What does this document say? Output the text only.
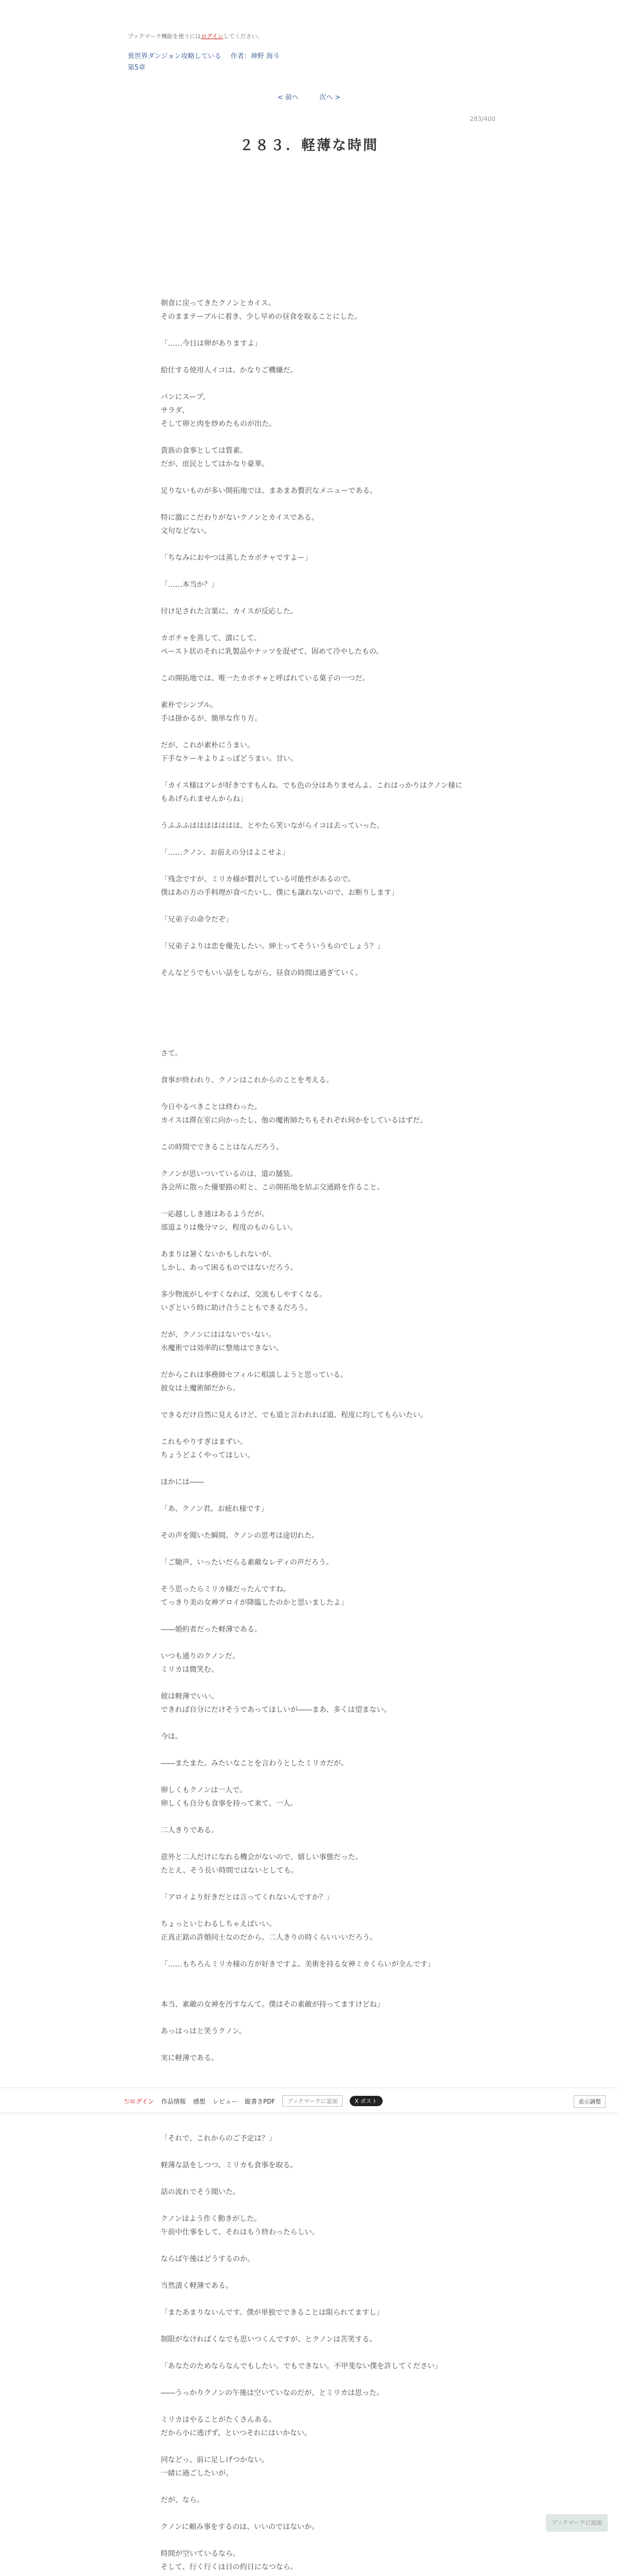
ブックマーク機能を使うにはログインしてください。
異世界ダンジョン攻略している 作者：神野 海斗
第5章
< 前へ	次へ >
283/400
２８３．軽薄な時間

朝食に戻ってきたクノンとカイス。

そのままテーブルに着き、少し早めの昼食を取ることにした。

「……今日は卵がありますよ」

給仕する使用人イコは、かなりご機嫌だ。

パンにスープ、

サラダ、

そして卵と肉を炒めたものが出た。

貴族の食事としては質素。

だが、庶民としてはかなり豪華。

足りないものが多い開拓地では、まあまあ贅沢なメニューである。

特に激にこだわりがないクノンとカイスである。

文句などない。

「ちなみにおやつは蒸したカボチャですよー」

「……本当か？」

付け足された言葉に、カイスが反応した。

カボチャを蒸して、潰にして。

ペースト状のそれに乳製品やナッツを混ぜて、固めて冷やしたもの。

この開拓地では、唯一たカボチャと呼ばれている菓子の一つだ。

素朴でシンプル。

手は掛かるが、簡単な作り方。

だが、これが素朴にうまい。

下手なケーキよりよっぽどうまい。甘い。

「カイス様はアレが好きですもんね。でも色の分はありませんよ。これはっかりはクノン様にもあげられませんからね」

うふふふははははははは、とやたら笑いながらイコは去っていった。

「……クノン、お前えの分はよこせよ」

「残念ですが、ミリカ様が贅沢している可能性があるので。

僕はあの方の手料理が食べたいし、僕にも譲れないので、お断りします」

「兄弟子の命令だぞ」

「兄弟子よりは恋を優先したい。紳士ってそういうものでしょう？」

そんなどうでもいい話をしながら、昼食の時間は過ぎていく。

さて。

食事が終われり、クノンはこれからのことを考える。

今日やるべきことは終わった。

カイスは滞在室に向かったし、他の魔術師たちもそれぞれ何かをしているはずだ。

この時間でできることはなんだろう。

クノンが思いついているのは、道の舗装。

各会所に散った優要路の町と、この開拓地を結ぶ交通路を作ること。

一応越ししき通はあるようだが。

部道よりは幾分マシ、程度のものらしい。

あまりは暑くないかもしれないが、

しかし、あって困るものではないだろう。

多少物流がしやすくなれば、交流もしやすくなる。

いざという時に助け合うこともできるだろう。

だが、クノンにははないでいない。

水魔術では効率的に整地はできない。

だからこれは事務師セフィルに相談しようと思っている。

彼女は土魔術師だから。

できるだけ自然に見えるけど、でも道と言われれば道、程度に均してもらいたい。

これもやりすぎはまずい。

ちょうどよくやってほしい。

ほかには――

「あ、クノン君。お疲れ様です」

その声を聞いた瞬間、クノンの思考は途切れた。

「ご馳声、いったいだらる素敵なレディの声だろう。

そう思ったらミリカ様だったんですね。

てっきり美の女神アロイが降臨したのかと思いましたよ」

――婚約者だった軽薄である。

いつも通りのクノンだ。

ミリカは微笑む。

彼は軽薄でいい。

できれば自分にだけそうであってほしいが――まあ、多くは望まない。

今は。

――またまた。みたいなことを言わうとしたミリカだが。

卵しくもクノンは一人で。

卵しくも自分も食事を持って来て、一人。

二人きりである。

意外と二人だけになれる機会がないので、嬉しい事態だった。

たとえ、そう長い時間ではないとしても。

「アロイより好きだとは言ってくれないんですか？」

ちょっといじわるしちゃえばいい。

正真正銘の許婚同士なのだから。二人きりの時くらいいいだろう。

「……もちろんミリカ様の方が好きですよ。美術を持る女神ミカくらいが全んです」

本当、素敵の女神を汚すなんて。僕はその素敵が持ってますけどね」

あっはっはと笑うクノン。

実に軽薄である。

「それで、これからのご予定は？」

軽薄な話をしつつ、ミリカも食事を取る。

話の流れでそう聞いた。

クノンはよう作く動きがした。

午前中仕事をして、それはもう終わったらしい。

ならば午後はどうするのか。

当然漬く軽薄である。

「またあまりないんです。僕が単独でできることは限られてますし」

制限がなければくなでも思いつくんですが、とクノンは苦笑する。

「あなたのためならなんでもしたい。でもできない。不甲斐ない僕を許してください」

――うっかりクノンの午後は空いていなのだが、とミリカは思った。

ミリカはやることがたくさんある。

だから小に逃げず、といつそれにはいかない。

同などっ、前に足しげつかない。

一緒に過ごしたいが。

だが、なら。

クノンに頼み事をするのは、いいのではないか。

時間が空いているなら。

そして、行く行くは日の約日になつなら。

⎋ログイン 作品情報 感想 レビュー 縦書きPDF	ブックマークに追加	X ポスト	表示調整
ブックマークに追加
